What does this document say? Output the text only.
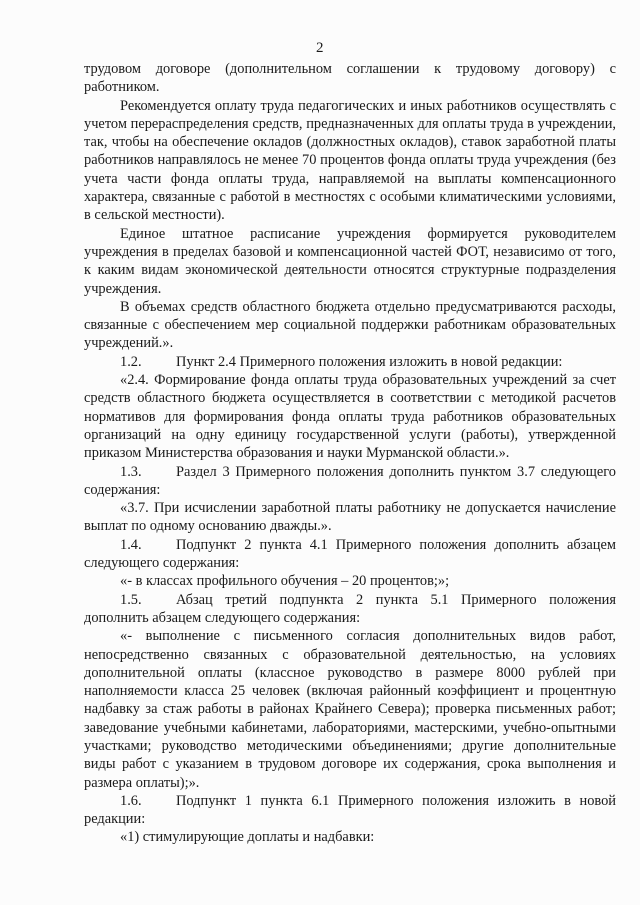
2

трудовом договоре (дополнительном соглашении к трудовому договору) с работником.

Рекомендуется оплату труда педагогических и иных работников осуществлять с учетом перераспределения средств, предназначенных для оплаты труда в учреждении, так, чтобы на обеспечение окладов (должностных окладов), ставок заработной платы работников направлялось не менее 70 процентов фонда оплаты труда учреждения (без учета части фонда оплаты труда, направляемой на выплаты компенсационного характера, связанные с работой в местностях с особыми климатическими условиями, в сельской местности).

Единое штатное расписание учреждения формируется руководителем учреждения в пределах базовой и компенсационной частей ФОТ, независимо от того, к каким видам экономической деятельности относятся структурные подразделения учреждения.

В объемах средств областного бюджета отдельно предусматриваются расходы, связанные с обеспечением мер социальной поддержки работникам образовательных учреждений.».

1.2. Пункт 2.4 Примерного положения изложить в новой редакции:

«2.4. Формирование фонда оплаты труда образовательных учреждений за счет средств областного бюджета осуществляется в соответствии с методикой расчетов нормативов для формирования фонда оплаты труда работников образовательных организаций на одну единицу государственной услуги (работы), утвержденной приказом Министерства образования и науки Мурманской области.».

1.3. Раздел 3 Примерного положения дополнить пунктом 3.7 следующего содержания:

«3.7. При исчислении заработной платы работнику не допускается начисление выплат по одному основанию дважды.».

1.4. Подпункт 2 пункта 4.1 Примерного положения дополнить абзацем следующего содержания:

«- в классах профильного обучения – 20 процентов;»;

1.5. Абзац третий подпункта 2 пункта 5.1 Примерного положения дополнить абзацем следующего содержания:

«- выполнение с письменного согласия дополнительных видов работ, непосредственно связанных с образовательной деятельностью, на условиях дополнительной оплаты (классное руководство в размере 8000 рублей при наполняемости класса 25 человек (включая районный коэффициент и процентную надбавку за стаж работы в районах Крайнего Севера); проверка письменных работ; заведование учебными кабинетами, лабораториями, мастерскими, учебно-опытными участками; руководство методическими объединениями; другие дополнительные виды работ с указанием в трудовом договоре их содержания, срока выполнения и размера оплаты);».

1.6. Подпункт 1 пункта 6.1 Примерного положения изложить в новой редакции:

«1) стимулирующие доплаты и надбавки:
